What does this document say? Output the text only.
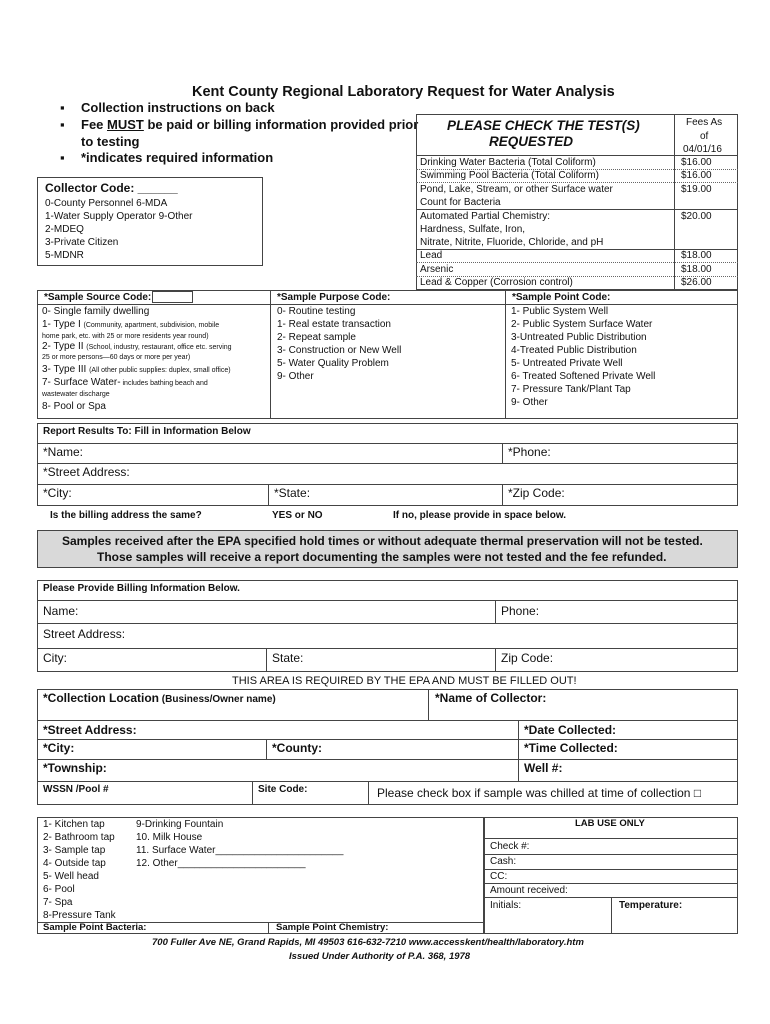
Kent County Regional Laboratory Request for Water Analysis
▪ Collection instructions on back
▪ Fee MUST be paid or billing information provided prior
to testing
▪ *indicates required information
Collector Code: ______
0-County Personnel 6-MDA
1-Water Supply Operator 9-Other
2-MDEQ
3-Private Citizen
5-MDNR
PLEASE CHECK THE TEST(S)
REQUESTED
Fees As
of
04/01/16
Drinking Water Bacteria (Total Coliform)	$16.00
Swimming Pool Bacteria (Total Coliform)	$16.00
Pond, Lake, Stream, or other Surface water
Count for Bacteria
$19.00
Automated Partial Chemistry:
Hardness, Sulfate, Iron,
Nitrate, Nitrite, Fluoride, Chloride, and pH
$20.00
Lead	$18.00
Arsenic	$18.00
Lead & Copper (Corrosion control)	$26.00
*Sample Source Code:	*Sample Purpose Code:	*Sample Point Code:
0- Single family dwelling
1- Type I (Community, apartment, subdivision, mobile
home park, etc. with 25 or more residents year round)
2- Type II (School, industry, restaurant, office etc. serving
25 or more persons—60 days or more per year)
3- Type III (All other public supplies: duplex, small office)
7- Surface Water- includes bathing beach and
wastewater discharge
8- Pool or Spa
0- Routine testing
1- Real estate transaction
2- Repeat sample
3- Construction or New Well
5- Water Quality Problem
9- Other
1- Public System Well
2- Public System Surface Water
3-Untreated Public Distribution
4-Treated Public Distribution
5- Untreated Private Well
6- Treated Softened Private Well
7- Pressure Tank/Plant Tap
9- Other
Report Results To: Fill in Information Below
*Name:	*Phone:
*Street Address:
*City:	*State:	*Zip Code:
Is the billing address the same?	YES or NO	If no, please provide in space below.
Samples received after the EPA specified hold times or without adequate thermal preservation will not be tested.
Those samples will receive a report documenting the samples were not tested and the fee refunded.
Please Provide Billing Information Below.
Name:	Phone:
Street Address:
City:	State:	Zip Code:
THIS AREA IS REQUIRED BY THE EPA AND MUST BE FILLED OUT!
*Collection Location (Business/Owner name)	*Name of Collector:
*Street Address:	*Date Collected:
*City:	*County:	*Time Collected:
*Township:	Well #:
WSSN /Pool #	Site Code:	Please check box if sample was chilled at time of collection □
1- Kitchen tap
2- Bathroom tap
3- Sample tap
4- Outside tap
5- Well head
6- Pool
7- Spa
8-Pressure Tank
9-Drinking Fountain
10. Milk House
11. Surface Water_______________________
12. Other_______________________
Sample Point Bacteria:	Sample Point Chemistry:
LAB USE ONLY
Check #:
Cash:
CC:
Amount received:
Initials:	Temperature:
700 Fuller Ave NE, Grand Rapids, MI 49503 616-632-7210 www.accesskent/health/laboratory.htm
Issued Under Authority of P.A. 368, 1978
